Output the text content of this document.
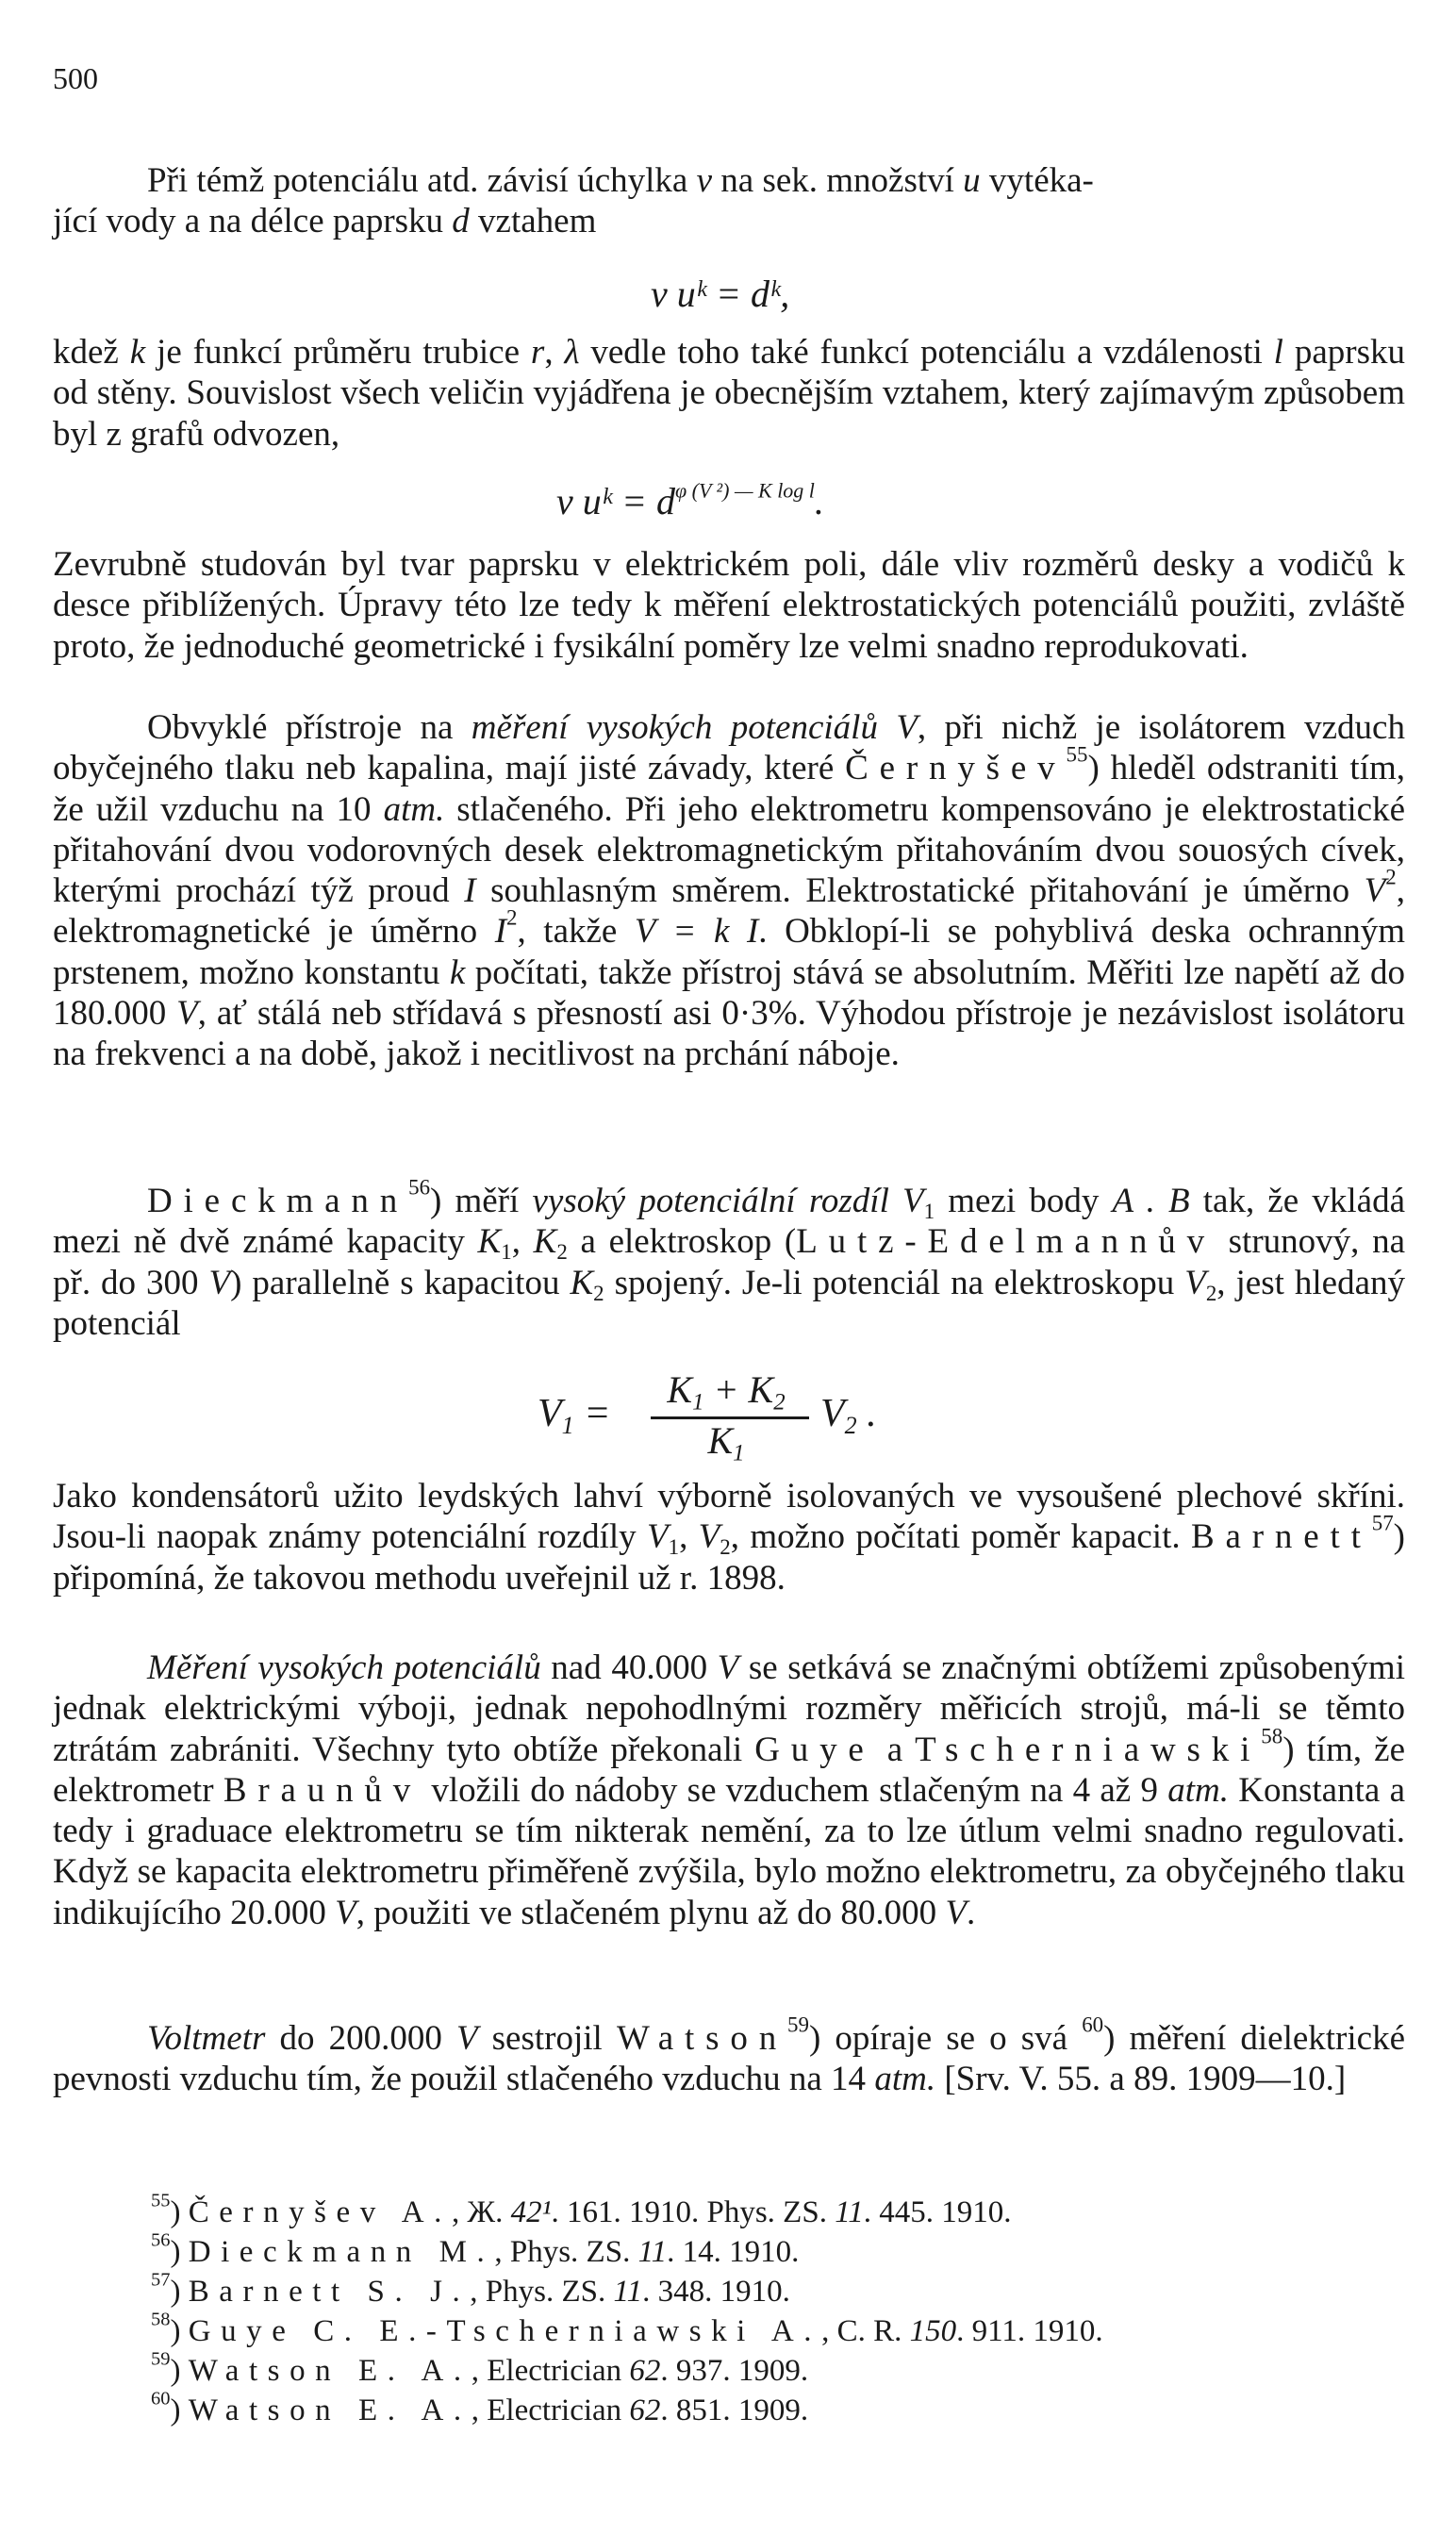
500

Při témž potenciálu atd. závisí úchylka v na sek. množství u vytéka-

jící vody a na délce paprsku d vztahem

v uᵏ = dᵏ,

kdež k je funkcí průměru trubice r, λ vedle toho také funkcí potenciálu a vzdálenosti l paprsku od stěny. Souvislost všech veličin vyjádřena je obecnějším vztahem, který zajímavým způsobem byl z grafů odvozen,

v uᵏ = $d^{\varphi (V ^2) — K log l}$.

Zevrubně studován byl tvar paprsku v elektrickém poli, dále vliv rozměrů desky a vodičů k desce přiblížených. Úpravy této lze tedy k měření elektrostatických potenciálů použiti, zvláště proto, že jednoduché geometrické i fysikální poměry lze velmi snadno reprodukovati.

Obvyklé přístroje na měření vysokých potenciálů V, při nichž je isolátorem vzduch obyčejného tlaku neb kapalina, mají jisté závady, které Černyšev$^{55}$) hleděl odstraniti tím, že užil vzduchu na 10 atm. stlačeného. Při jeho elektrometru kompensováno je elektrostatické přitahování dvou vodorovných desek elektromagnetickým přitahováním dvou souosých cívek, kterými prochází týž proud I souhlasným směrem. Elektrostatické přitahování je úměrno $V^2$, elektromagnetické je úměrno $I^2$, takže V = k I. Obklopí-li se pohyblivá deska ochranným prstenem, možno konstantu k počítati, takže přístroj stává se absolutním. Měřiti lze napětí až do 180.000 V, ať stálá neb střídavá s přesností asi 0·3%. Výhodou přístroje je nezávislost isolátoru na frekvenci a na době, jakož i necitlivost na prchání náboje.

Dieckmann$^{56}$) měří vysoký potenciální rozdíl $V_1$ mezi body A . B tak, že vkládá mezi ně dvě známé kapacity $K_1$, $K_2$ a elektroskop (Lutz-Edelmannův strunový, na př. do 300 V) parallelně s kapacitou $K_2$ spojený. Je-li potenciál na elektroskopu $V_2$, jest hledaný potenciál

$V_1$ =
$K_1 + K_2$
$K_1$
$V_2$ .

Jako kondensátorů užito leydských lahví výborně isolovaných ve vysoušené plechové skříni. Jsou-li naopak známy potenciální rozdíly $V_1$, $V_2$, možno počítati poměr kapacit. Barnett$^{57}$) připomíná, že takovou methodu uveřejnil už r. 1898.

Měření vysokých potenciálů nad 40.000 V se setkává se značnými obtížemi způsobenými jednak elektrickými výboji, jednak nepohodlnými rozměry měřicích strojů, má-li se těmto ztrátám zabrániti. Všechny tyto obtíže překonali Guye a Tscherniawski$^{58}$) tím, že elektrometr Braunův vložili do nádoby se vzduchem stlačeným na 4 až 9 atm. Konstanta a tedy i graduace elektrometru se tím nikterak nemění, za to lze útlum velmi snadno regulovati. Když se kapacita elektrometru přiměřeně zvýšila, bylo možno elektrometru, za obyčejného tlaku indikujícího 20.000 V, použiti ve stlačeném plynu až do 80.000 V.

Voltmetr do 200.000 V sestrojil Watson$^{59}$) opíraje se o svá $^{60}$) měření dielektrické pevnosti vzduchu tím, že použil stlačeného vzduchu na 14 atm. [Srv. V. 55. a 89. 1909—10.]

$^{55}$) Černyšev A., Ж. 42¹. 161. 1910. Phys. ZS. 11. 445. 1910.
$^{56}$) Dieckmann M., Phys. ZS. 11. 14. 1910.
$^{57}$) Barnett S. J., Phys. ZS. 11. 348. 1910.
$^{58}$) Guye C. E.-Tscherniawski A., C. R. 150. 911. 1910.
$^{59}$) Watson E. A., Electrician 62. 937. 1909.
$^{60}$) Watson E. A., Electrician 62. 851. 1909.
